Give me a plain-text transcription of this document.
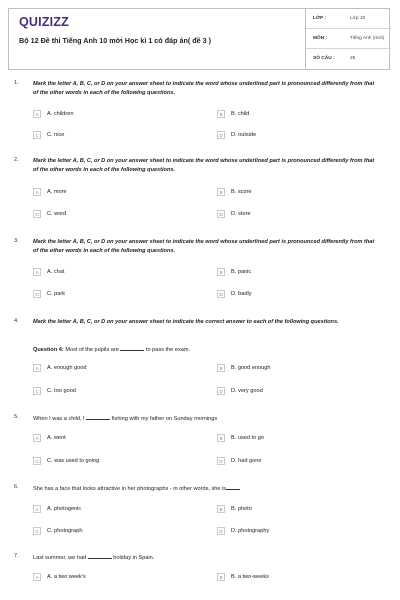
QUIZIZZ
Bộ 12 Đề thi Tiếng Anh 10 mới Học kì 1 có đáp án( đề 3 )
LỚP :	Lớp 10
MÔN :	Tiếng Anh (mới)
SỐ CÂU :	25
1.	Mark the letter A, B, C, or D on your answer sheet to indicate the word whose underlined part is pronounced differently from that of the other words in each of the following questions.
A	A. children	B	B. child
C	C. nice	D	D. outside
2.	Mark the letter A, B, C, or D on your answer sheet to indicate the word whose underlined part is pronounced differently from that of the other words in each of the following questions.
A	A. more	B	B. score
C	C. word	D	D. store
3.	Mark the letter A, B, C, or D on your answer sheet to indicate the word whose underlined part is pronounced differently from that of the other words in each of the following questions.
A	A. chat	B	B. panic
C	C. park	D	D. badly
4.	Mark the letter A, B, C, or D on your answer sheet to indicate the correct answer to each of the following questions.
Question 4: Most of the pupils are	to pass the exam.
A	A. enough good	B	B. good enough
C	C. too good	D	D. very good
5.	When I was a child, I	fishing with my father on Sunday mornings
A	A. went	B	B. used to go
C	C. was used to going	D	D. had gone
6.	She has a face that looks attractive in her photographs - in other words, she is
A	A. photogenic	B	B. photo
C	C. photograph	D	D. photography
7.	Last summer, we had	holiday in Spain.
A	A. a two week's	B	B. a two-weeks
